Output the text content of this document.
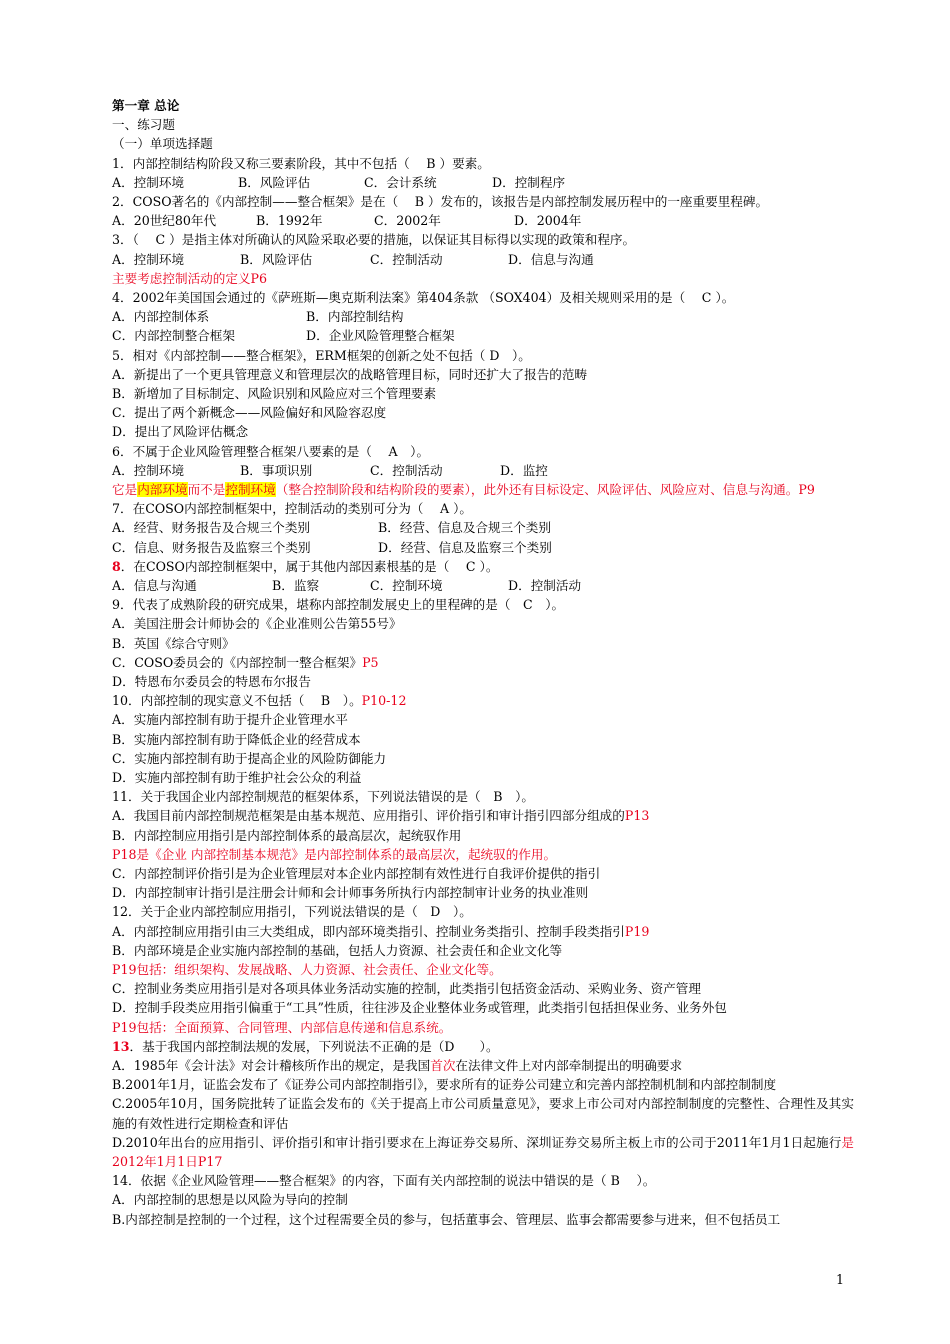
第一章 总论
一、练习题
（一）单项选择题
1．内部控制结构阶段又称三要素阶段，其中不包括（　 B ）要素。
A．控制环境	B．风险评估	C．会计系统	D．控制程序
2．COSO著名的《内部控制——整合框架》是在（　 B ）发布的，该报告是内部控制发展历程中的一座重要里程碑。
A．20世纪80年代	B．1992年	C．2002年	D．2004年
3．（　 C ）是指主体对所确认的风险采取必要的措施，以保证其目标得以实现的政策和程序。
A．控制环境	B．风险评估	C．控制活动	D．信息与沟通
主要考虑控制活动的定义P6
4．2002年美国国会通过的《萨班斯—奥克斯利法案》第404条款 （SOX404）及相关规则采用的是（　 C ）。
A．内部控制体系	B．内部控制结构
C．内部控制整合框架	D．企业风险管理整合框架
5．相对《内部控制——整合框架》，ERM框架的创新之处不包括（ D　）。
A．新提出了一个更具管理意义和管理层次的战略管理目标，同时还扩大了报告的范畴
B．新增加了目标制定、风险识别和风险应对三个管理要素
C．提出了两个新概念——风险偏好和风险容忍度
D．提出了风险评估概念
6．不属于企业风险管理整合框架八要素的是（　 A　）。
A．控制环境	B．事项识别	C．控制活动	D．监控
它是内部环境而不是控制环境（整合控制阶段和结构阶段的要素），此外还有目标设定、风险评估、风险应对、信息与沟通。P9
7．在COSO内部控制框架中，控制活动的类别可分为（　 A ）。
A．经营、财务报告及合规三个类别	B．经营、信息及合规三个类别
C．信息、财务报告及监察三个类别	D．经营、信息及监察三个类别
8．在COSO内部控制框架中，属于其他内部因素根基的是（　 C ）。
A．信息与沟通	B．监察	C．控制环境	D．控制活动
9．代表了成熟阶段的研究成果，堪称内部控制发展史上的里程碑的是（　C　）。
A．美国注册会计师协会的《企业准则公告第55号》
B．英国《综合守则》
C．COSO委员会的《内部控制一整合框架》P5
D．特恩布尔委员会的特恩布尔报告
10．内部控制的现实意义不包括（　 B　）。P10-12
A．实施内部控制有助于提升企业管理水平
B．实施内部控制有助于降低企业的经营成本
C．实施内部控制有助于提高企业的风险防御能力
D．实施内部控制有助于维护社会公众的利益
11．关于我国企业内部控制规范的框架体系，下列说法错误的是（　B　）。
A．我国目前内部控制规范框架是由基本规范、应用指引、评价指引和审计指引四部分组成的P13
B．内部控制应用指引是内部控制体系的最高层次，起统驭作用
P18是《企业 内部控制基本规范》是内部控制体系的最高层次，起统驭的作用。
C．内部控制评价指引是为企业管理层对本企业内部控制有效性进行自我评价提供的指引
D．内部控制审计指引是注册会计师和会计师事务所执行内部控制审计业务的执业准则
12．关于企业内部控制应用指引，下列说法错误的是（　D　）。
A．内部控制应用指引由三大类组成，即内部环境类指引、控制业务类指引、控制手段类指引P19
B．内部环境是企业实施内部控制的基础，包括人力资源、社会责任和企业文化等
P19包括：组织架构、发展战略、人力资源、社会责任、企业文化等。
C．控制业务类应用指引是对各项具体业务活动实施的控制，此类指引包括资金活动、采购业务、资产管理
D．控制手段类应用指引偏重于“工具”性质，往往涉及企业整体业务或管理，此类指引包括担保业务、业务外包
P19包括：全面预算、合同管理、内部信息传递和信息系统。
13．基于我国内部控制法规的发展，下列说法不正确的是（D　　）。
A．1985年《会计法》对会计稽核所作出的规定，是我国首次在法律文件上对内部牵制提出的明确要求
B.2001年1月，证监会发布了《证券公司内部控制指引》，要求所有的证券公司建立和完善内部控制机制和内部控制制度
C.2005年10月，国务院批转了证监会发布的《关于提高上市公司质量意见》，要求上市公司对内部控制制度的完整性、合理性及其实施的有效性进行定期检查和评估
D.2010年出台的应用指引、评价指引和审计指引要求在上海证券交易所、深圳证券交易所主板上市的公司于2011年1月1日起施行是2012年1月1日P17
14．依据《企业风险管理——整合框架》的内容，下面有关内部控制的说法中错误的是（ B　 ）。
A．内部控制的思想是以风险为导向的控制
B.内部控制是控制的一个过程，这个过程需要全员的参与，包括董事会、管理层、监事会都需要参与进来，但不包括员工
1
